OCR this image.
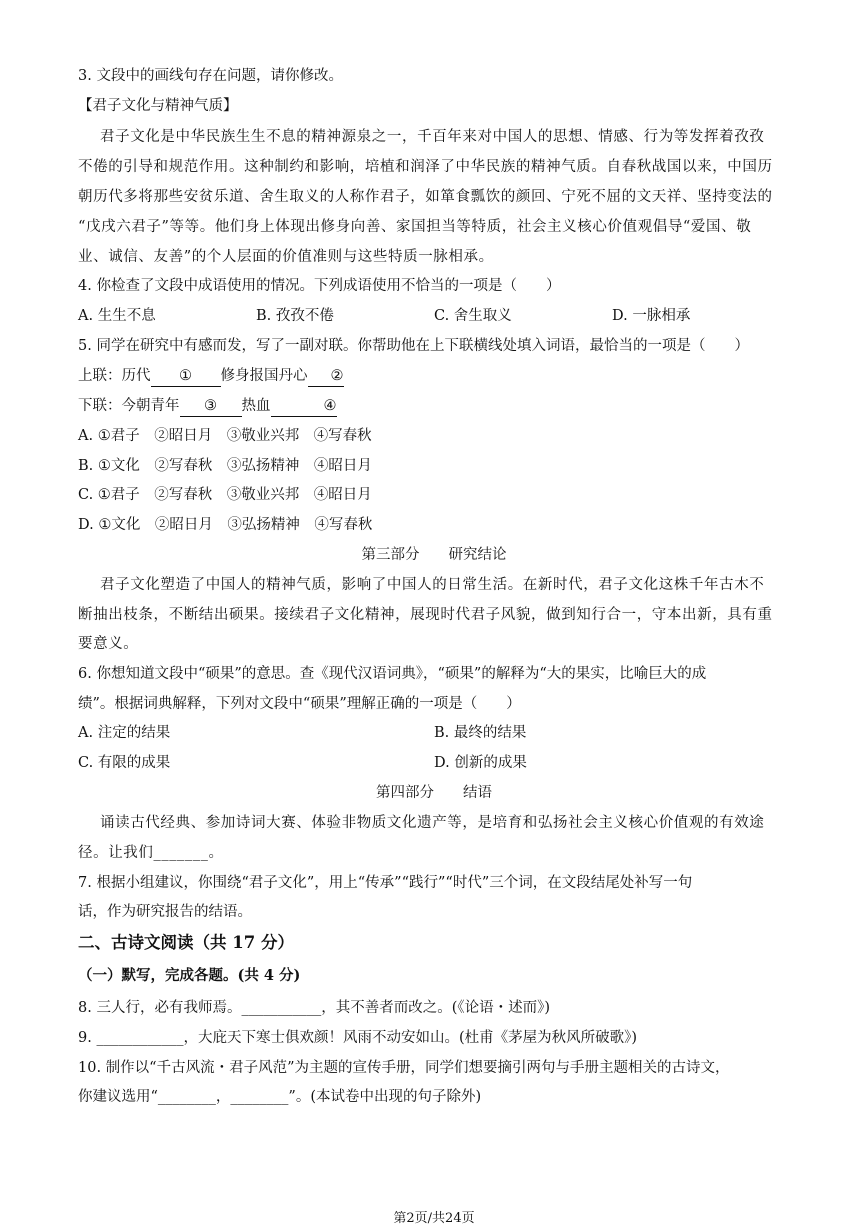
3. 文段中的画线句存在问题，请你修改。
【君子文化与精神气质】
君子文化是中华民族生生不息的精神源泉之一，千百年来对中国人的思想、情感、行为等发挥着孜孜
不倦的引导和规范作用。这种制约和影响，培植和润泽了中华民族的精神气质。自春秋战国以来，中国历
朝历代多将那些安贫乐道、舍生取义的人称作君子，如箪食瓢饮的颜回、宁死不屈的文天祥、坚持变法的
“戊戌六君子”等等。他们身上体现出修身向善、家国担当等特质，社会主义核心价值观倡导“爱国、敬
业、诚信、友善”的个人层面的价值准则与这些特质一脉相承。
4. 你检查了文段中成语使用的情况。下列成语使用不恰当的一项是（　　）
A. 生生不息	B. 孜孜不倦	C. 舍生取义	D. 一脉相承
5. 同学在研究中有感而发，写了一副对联。你帮助他在上下联横线处填入词语，最恰当的一项是（　　）
上联：历代 ① 修身报国丹心 ②
下联：今朝青年 ③ 热血	④
A. ①君子　②昭日月　③敬业兴邦　④写春秋
B. ①文化　②写春秋　③弘扬精神　④昭日月
C. ①君子　②写春秋　③敬业兴邦　④昭日月
D. ①文化　②昭日月　③弘扬精神　④写春秋
第三部分　　研究结论
君子文化塑造了中国人的精神气质，影响了中国人的日常生活。在新时代，君子文化这株千年古木不
断抽出枝条，不断结出硕果。接续君子文化精神，展现时代君子风貌，做到知行合一，守本出新，具有重
要意义。
6. 你想知道文段中“硕果”的意思。查《现代汉语词典》，“硕果”的解释为“大的果实，比喻巨大的成
绩”。根据词典解释，下列对文段中“硕果”理解正确的一项是（　　）
A. 注定的结果	B. 最终的结果
C. 有限的成果	D. 创新的成果
第四部分　　结语
诵读古代经典、参加诗词大赛、体验非物质文化遗产等，是培育和弘扬社会主义核心价值观的有效途
径。让我们_______。
7. 根据小组建议，你围绕“君子文化”，用上“传承”“践行”“时代”三个词，在文段结尾处补写一句
话，作为研究报告的结语。
二、古诗文阅读（共 17 分）
（一）默写，完成各题。(共 4 分)
8. 三人行，必有我师焉。___________，其不善者而改之。(《论语・述而》)
9. ____________，大庇天下寒士俱欢颜！风雨不动安如山。(杜甫《茅屋为秋风所破歌》)
10. 制作以“千古风流・君子风范”为主题的宣传手册，同学们想要摘引两句与手册主题相关的古诗文，
你建议选用“________，________”。(本试卷中出现的句子除外)
第2页/共24页
